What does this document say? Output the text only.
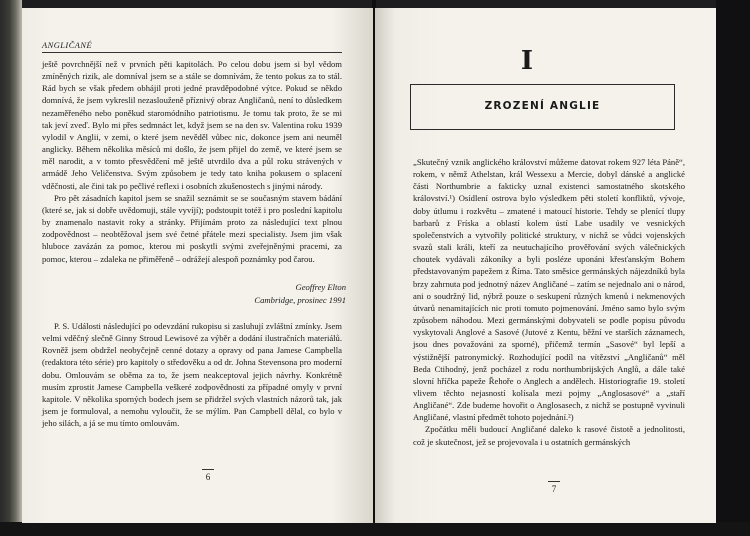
ANGLIČANÉ

ještě povrchnější než v prvních pěti kapitolách. Po celou dobu jsem si byl vědom zmíněných rizik, ale domníval jsem se a stále se domnívám, že tento pokus za to stál. Rád bych se však předem obhájil proti jedné pravděpodobné výtce. Pokud se někdo domnívá, že jsem vykreslil nezaslouženě příznivý obraz Angličanů, není to důsledkem nezaměřeného nebo poněkud staromódního patriotismu. Je tomu tak proto, že se mi tak jeví zveď. Bylo mi přes sedmnáct let, když jsem se na den sv. Valentina roku 1939 vylodil v Anglii, v zemi, o které jsem nevěděl vůbec nic, dokonce jsem ani neuměl anglicky. Během několika měsíců mi došlo, že jsem přijel do země, ve které jsem se měl narodit, a v tomto přesvědčení mě ještě utvrdilo dva a půl roku strávených v armádě Jeho Veličenstva. Svým způsobem je tedy tato kniha pokusem o splacení vděčnosti, ale čini tak po pečlivé reflexi i osobních zkušenostech s jinými národy.

Pro pět zásadních kapitol jsem se snažil seznámit se se současným stavem bádání (které se, jak si dobře uvědomuji, stále vyvíjí); podstoupit totéž i pro poslední kapitolu by znamenalo nastavit roky a stránky. Přijímám proto za následující text plnou zodpovědnost – neobtěžoval jsem své četné přátele mezi specialisty. Jsem jim však hluboce zavázán za pomoc, kterou mi poskytli svými zveřejněnými pracemi, za pomoc, kterou – zdaleka ne přiměřeně – odrážejí alespoň poznámky pod čarou.

Geoffrey Elton
Cambridge, prosinec 1991

P. S. Události následující po odevzdání rukopisu si zasluhují zvláštní zmínky. Jsem velmi vděčný slečně Ginny Stroud Lewisové za výběr a dodání ilustračních materiálů. Rovněž jsem obdržel neobyčejně cenné dotazy a opravy od pana Jamese Campbella (redaktora této série) pro kapitoly o středověku a od dr. Johna Stevensona pro moderní dobu. Omlouvám se oběma za to, že jsem neakceptoval jejich návrhy. Konkrétně musím zprostit Jamese Campbella veškeré zodpovědnosti za případné omyly v první kapitole. V několika sporných bodech jsem se přidržel svých vlastních názorů tak, jak jsem je formuloval, a nemohu vyloučit, že se mýlím. Pan Campbell dělal, co bylo v jeho silách, a já se mu tímto omlouvám.

6
I
ZROZENÍ ANGLIE

„Skutečný vznik anglického království můžeme datovat rokem 927 léta Páně“, rokem, v němž Athelstan, král Wessexu a Mercie, dobyl dánské a anglické části Northumbrie a fakticky uznal existenci samostatného skotského království.¹) Osídlení ostrova bylo výsledkem pěti století konfliktů, vývoje, doby útlumu i rozkvětu – zmatené i matoucí historie. Tehdy se plenící tlupy barbarů z Fríska a oblastí kolem ústí Labe usadily ve vesnických společenstvích a vytvořily politické struktury, v nichž se vůdci vojenských svazů stali králi, kteří za neutuchajícího prověřování svých válečnických choutek vydávali zákoníky a byli posléze uponáni křesťanským Bohem představovaným papežem z Říma. Tato směsice germánských nájezdníků byla brzy zahrnuta pod jednotný název Angličané – zatím se nejednalo ani o národ, ani o soudržný lid, nýbrž pouze o seskupení různých kmenů i nekmenových útvarů nenamitajících nic proti tomuto pojmenování. Jméno samo bylo svým způsobem náhodou. Mezi germánskými dobyvateli se podle popisu původu vyskytovali Anglové a Sasové (Jutové z Kentu, běžní ve starších záznamech, jsou dnes považováni za sporné), přičemž termín „Sasové“ byl lepší a výstižnější patronymický. Rozhodující podíl na vítězství „Angličanů“ měl Beda Ctihodný, jenž pocházel z rodu northumbrijských Anglů, a dále také slovní hříčka papeže Řehoře o Anglech a andělech. Historiografie 19. století vlivem těchto nejasností kolísala mezi pojmy „Anglosasové“ a „staří Angličané“. Zde budeme hovořit o Anglosasech, z nichž se postupně vyvinuli Angličané, vlastní předmět tohoto pojednání.²)

Zpočátku měli budoucí Angličané daleko k rasové čistotě a jednolitosti, což je skutečnost, jež se projevovala i u ostatních germánských

7
